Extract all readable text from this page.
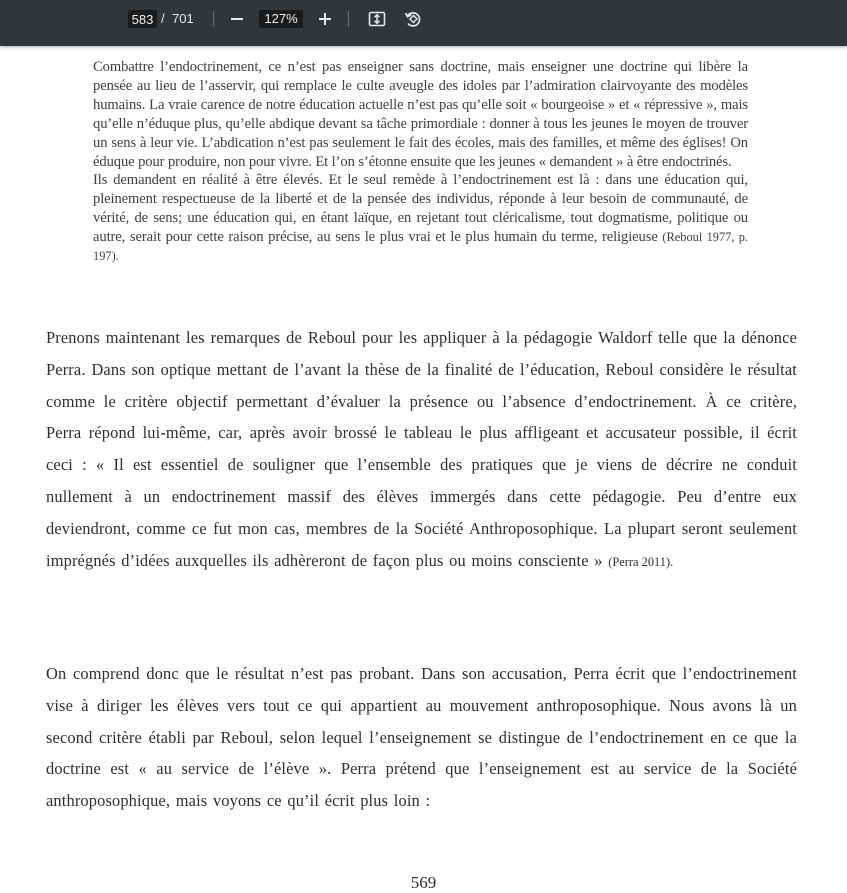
583
/ 701	127%

Combattre l’endoctrinement, ce n’est pas enseigner sans doctrine, mais enseigner une doctrine qui libère la pensée au lieu de l’asservir, qui remplace le culte aveugle des idoles par l’admiration clairvoyante des modèles humains. La vraie carence de notre éducation actuelle n’est pas qu’elle soit « bourgeoise » et « répressive », mais qu’elle n’éduque plus, qu’elle abdique devant sa tâche primordiale : donner à tous les jeunes le moyen de trouver un sens à leur vie. L’abdication n’est pas seulement le fait des écoles, mais des familles, et même des églises! On éduque pour produire, non pour vivre. Et l’on s’étonne ensuite que les jeunes « demandent » à être endoctrinés.

Ils demandent en réalité à être élevés. Et le seul remède à l’endoctrinement est là : dans une éducation qui, pleinement respectueuse de la liberté et de la pensée des individus, réponde à leur besoin de communauté, de vérité, de sens; une éducation qui, en étant laïque, en rejetant tout cléricalisme, tout dogmatisme, politique ou autre, serait pour cette raison précise, au sens le plus vrai et le plus humain du terme, religieuse (Reboul 1977, p. 197).

Prenons maintenant les remarques de Reboul pour les appliquer à la pédagogie Waldorf telle que la dénonce Perra. Dans son optique mettant de l’avant la thèse de la finalité de l’éducation, Reboul considère le résultat comme le critère objectif permettant d’évaluer la présence ou l’absence d’endoctrinement. À ce critère, Perra répond lui-même, car, après avoir brossé le tableau le plus affligeant et accusateur possible, il écrit ceci : « Il est essentiel de souligner que l’ensemble des pratiques que je viens de décrire ne conduit nullement à un endoctrinement massif des élèves immergés dans cette pédagogie. Peu d’entre eux deviendront, comme ce fut mon cas, membres de la Société Anthroposophique. La plupart seront seulement imprégnés d’idées auxquelles ils adhèreront de façon plus ou moins consciente » (Perra 2011).

On comprend donc que le résultat n’est pas probant. Dans son accusation, Perra écrit que l’endoctrinement vise à diriger les élèves vers tout ce qui appartient au mouvement anthroposophique. Nous avons là un second critère établi par Reboul, selon lequel l’enseignement se distingue de l’endoctrinement en ce que la doctrine est « au service de l’élève ». Perra prétend que l’enseignement est au service de la Société anthroposophique, mais voyons ce qu’il écrit plus loin :

569
